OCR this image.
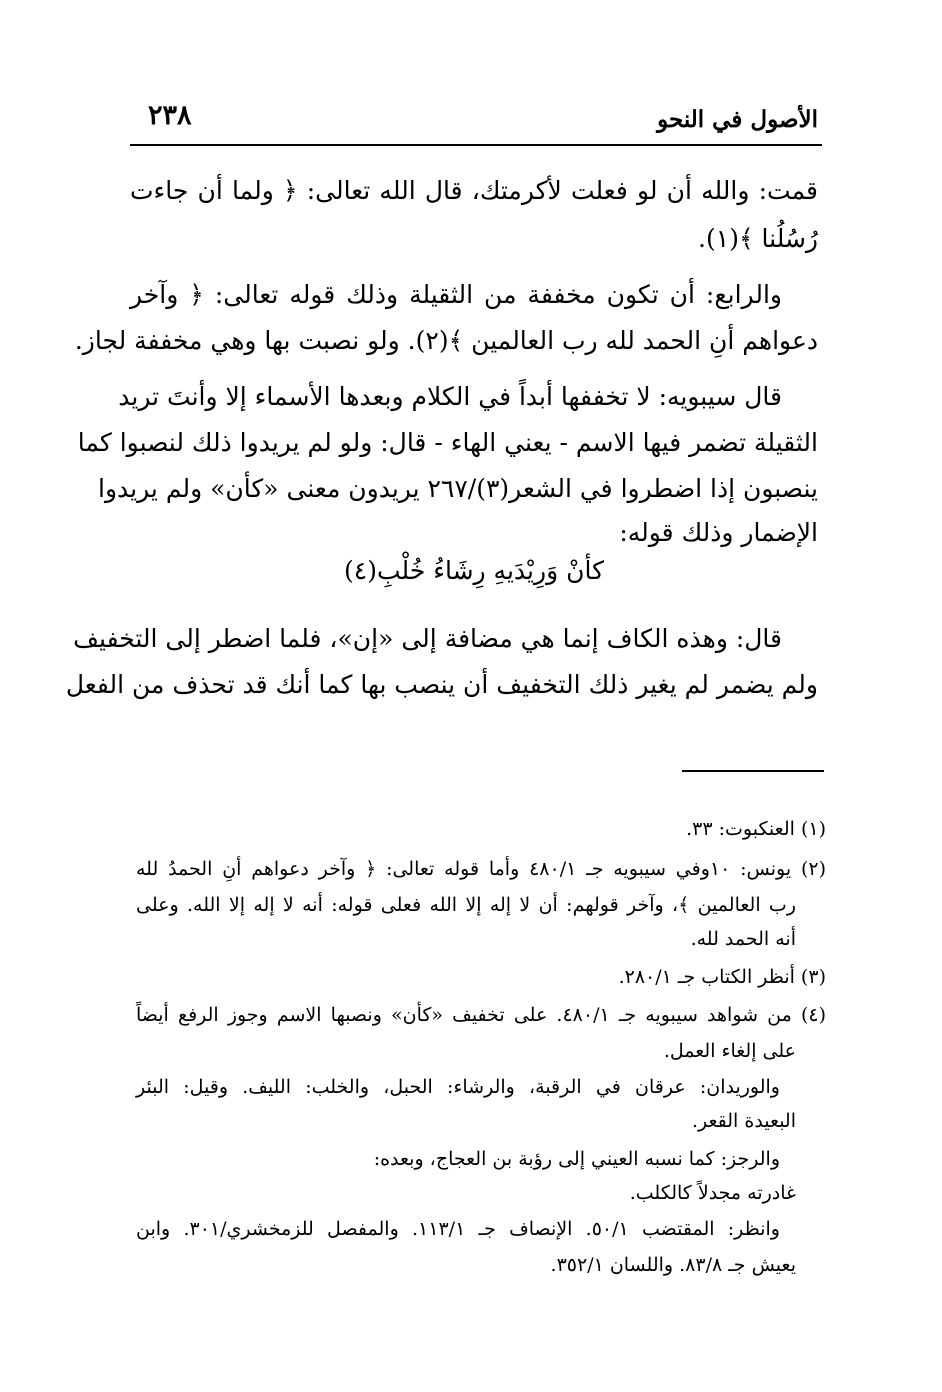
٢٣٨	الأصول في النحو
قمت: والله أن لو فعلت لأكرمتك، قال الله تعالى: ﴿ ولما أن جاءت
رُسُلُنا ﴾(١).
والرابع: أن تكون مخففة من الثقيلة وذلك قوله تعالى: ﴿ وآخر
دعواهم أنِ الحمد لله رب العالمين ﴾(٢). ولو نصبت بها وهي مخففة لجاز.
قال سيبويه: لا تخففها أبداً في الكلام وبعدها الأسماء إلا وأنتَ تريد
الثقيلة تضمر فيها الاسم - يعني الهاء - قال: ولو لم يريدوا ذلك لنصبوا كما
ينصبون إذا اضطروا في الشعر(٣)/٢٦٧ يريدون معنى «كأن» ولم يريدوا
الإضمار وذلك قوله:
كأنْ وَرِيْدَيهِ رِشَاءُ خُلْبِ(٤)
قال: وهذه الكاف إنما هي مضافة إلى «إن»، فلما اضطر إلى التخفيف
ولم يضمر لم يغير ذلك التخفيف أن ينصب بها كما أنك قد تحذف من الفعل
(١) العنكبوت: ٣٣.
(٢) يونس: ١٠وفي سيبويه جـ ٤٨٠/١ وأما قوله تعالى: ﴿ وآخر دعواهم أنِ الحمدُ لله
رب العالمين ﴾، وآخر قولهم: أن لا إله إلا الله فعلى قوله: أنه لا إله إلا الله. وعلى
أنه الحمد لله.
(٣) أنظر الكتاب جـ ٢٨٠/١.
(٤) من شواهد سيبويه جـ ٤٨٠/١. على تخفيف «كأن» ونصبها الاسم وجوز الرفع أيضاً
على إلغاء العمل.
والوريدان: عرقان في الرقبة، والرشاء: الحبل، والخلب: الليف. وقيل: البئر
البعيدة القعر.
والرجز: كما نسبه العيني إلى رؤبة بن العجاج، وبعده:
غادرته مجدلاً كالكلب.
وانظر: المقتضب ٥٠/١. الإنصاف جـ ١١٣/١. والمفصل للزمخشري/٣٠١. وابن
يعيش جـ ٨٣/٨. واللسان ٣٥٢/١.
